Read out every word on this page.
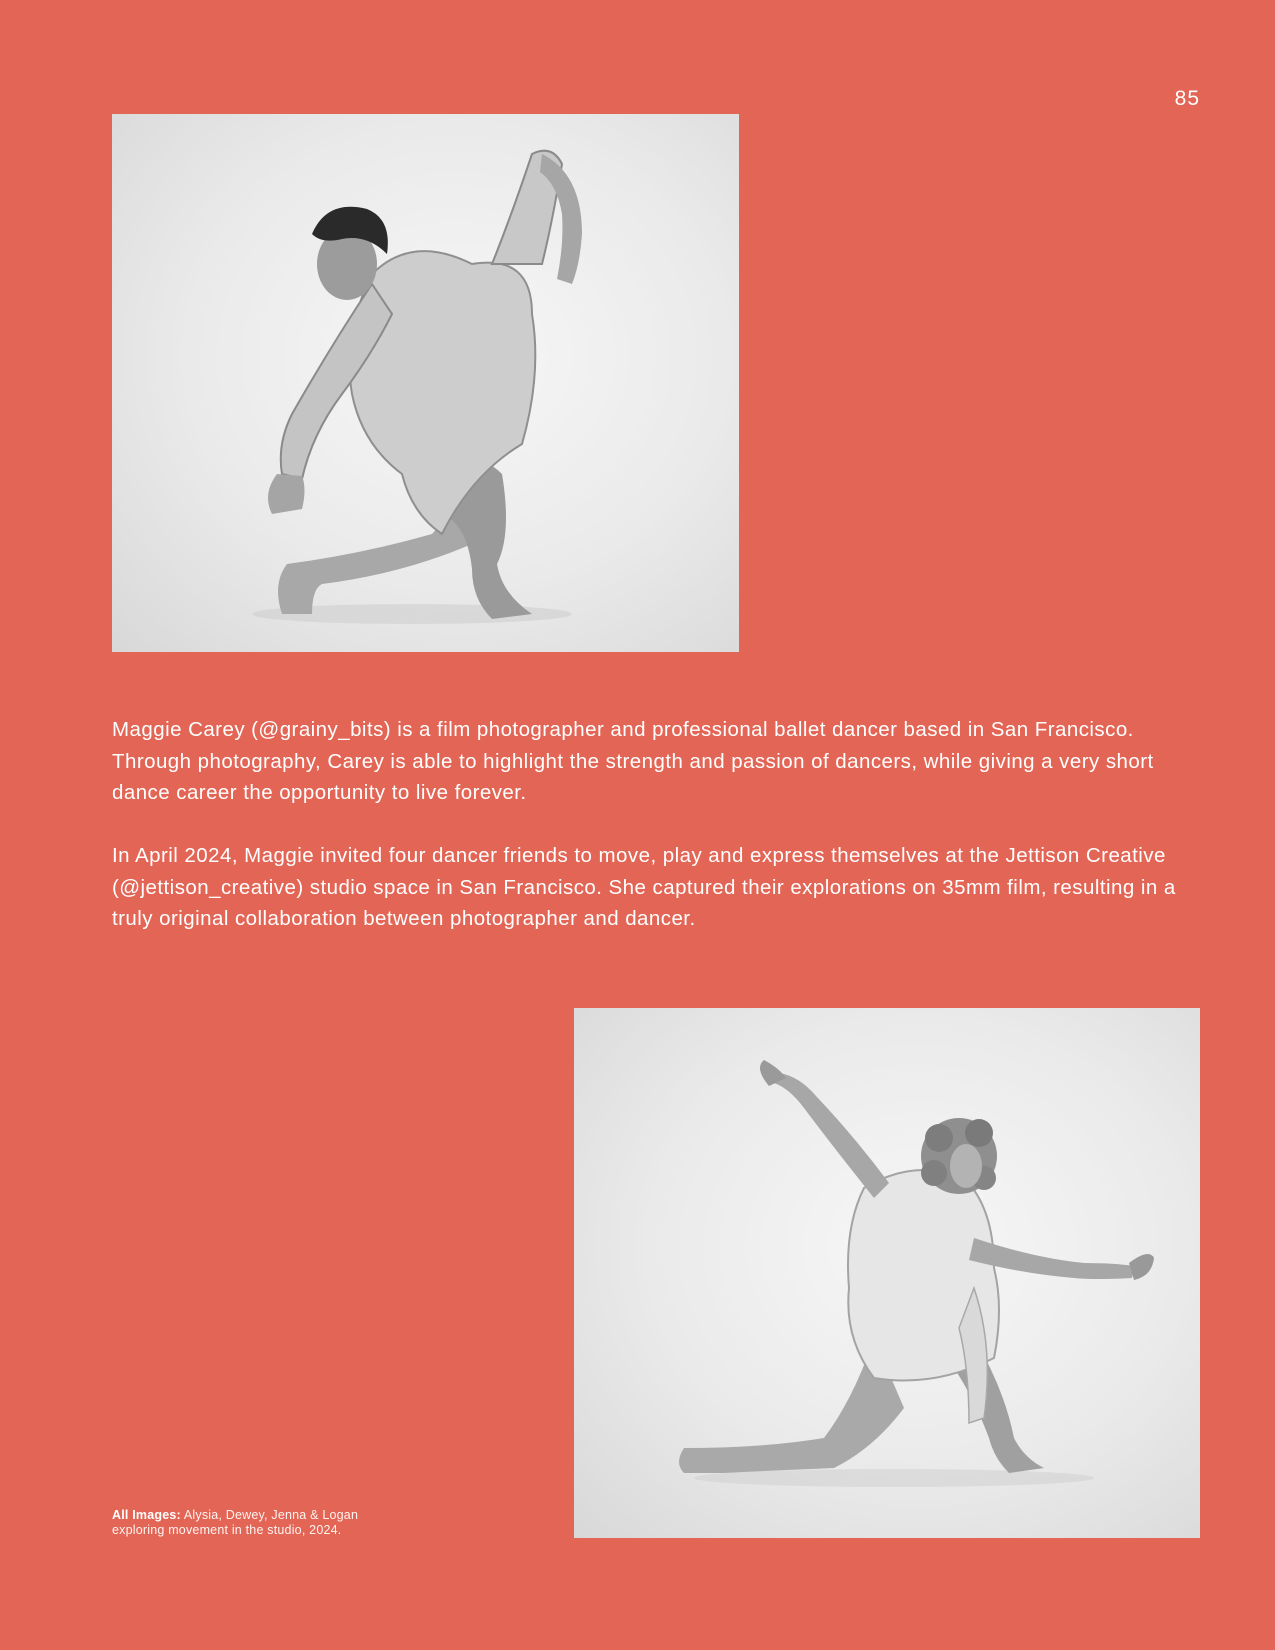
85

Maggie Carey (@grainy_bits) is a film photographer and professional ballet dancer based in San Francisco. Through photography, Carey is able to highlight the strength and passion of dancers, while giving a very short dance career the opportunity to live forever.

In April 2024, Maggie invited four dancer friends to move, play and express themselves at the Jettison Creative (@jettison_creative) studio space in San Francisco. She captured their explorations on 35mm film, resulting in a truly original collaboration between photographer and dancer.

All Images: Alysia, Dewey, Jenna & Logan exploring movement in the studio, 2024.
